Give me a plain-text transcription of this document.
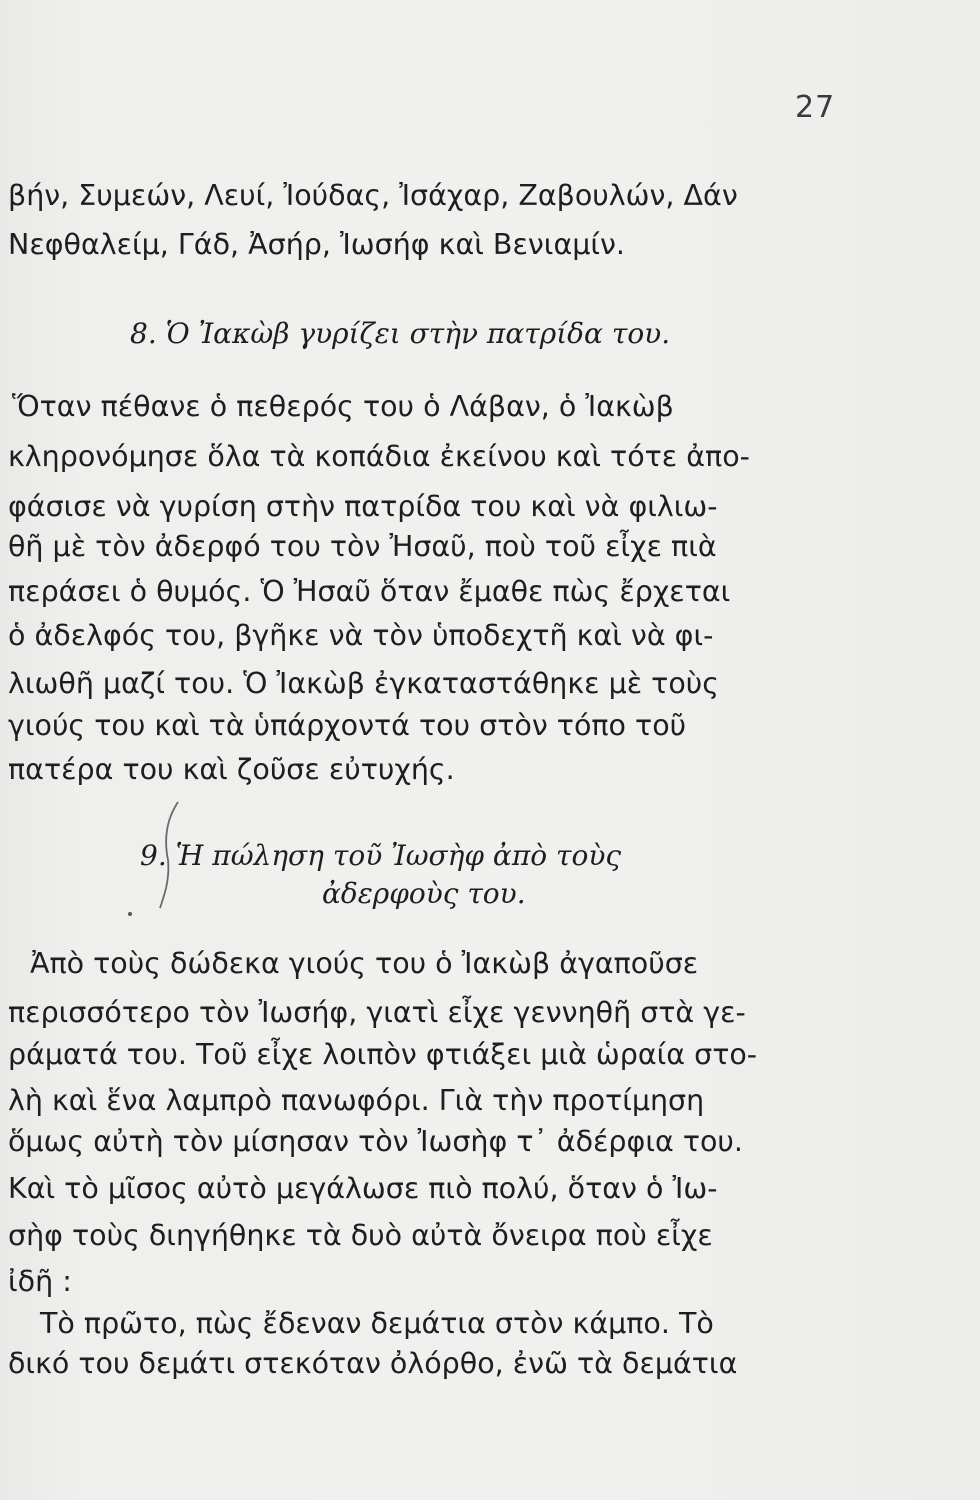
27
βήν, Συμεών, Λευί, Ἰούδας, Ἰσάχαρ, Ζαβουλών, Δάν
Νεφθαλείμ, Γάδ, Ἀσήρ, Ἰωσήφ καὶ Βενιαμίν.
8. Ὁ Ἰακὼβ γυρίζει στὴν πατρίδα του.
Ὅταν πέθανε ὁ πεθερός του ὁ Λάβαν, ὁ Ἰακὼβ
κληρονόμησε ὅλα τὰ κοπάδια ἐκείνου καὶ τότε ἀπο-
φάσισε νὰ γυρίση στὴν πατρίδα του καὶ νὰ φιλιω-
θῆ μὲ τὸν ἀδερφό του τὸν Ἠσαῦ, ποὺ τοῦ εἶχε πιὰ
περάσει ὁ θυμός. Ὁ Ἠσαῦ ὅταν ἔμαθε πὼς ἔρχεται
ὁ ἀδελφός του, βγῆκε νὰ τὸν ὑποδεχτῆ καὶ νὰ φι-
λιωθῆ μαζί του. Ὁ Ἰακὼβ ἐγκαταστάθηκε μὲ τοὺς
γιούς του καὶ τὰ ὑπάρχοντά του στὸν τόπο τοῦ
πατέρα του καὶ ζοῦσε εὐτυχής.
9. Ἡ πώληση τοῦ Ἰωσὴφ ἀπὸ τοὺς
ἀδερφοὺς του.
Ἀπὸ τοὺς δώδεκα γιούς του ὁ Ἰακὼβ ἀγαποῦσε
περισσότερο τὸν Ἰωσήφ, γιατὶ εἶχε γεννηθῆ στὰ γε-
ράματά του. Τοῦ εἶχε λοιπὸν φτιάξει μιὰ ὡραία στο-
λὴ καὶ ἕνα λαμπρὸ πανωφόρι. Γιὰ τὴν προτίμηση
ὅμως αὐτὴ τὸν μίσησαν τὸν Ἰωσὴφ τ᾿ ἀδέρφια του.
Καὶ τὸ μῖσος αὐτὸ μεγάλωσε πιὸ πολύ, ὅταν ὁ Ἰω-
σὴφ τοὺς διηγήθηκε τὰ δυὸ αὐτὰ ὄνειρα ποὺ εἶχε
ἰδῆ :
Τὸ πρῶτο, πὼς ἔδεναν δεμάτια στὸν κάμπο. Τὸ
δικό του δεμάτι στεκόταν ὀλόρθο, ἐνῶ τὰ δεμάτια
